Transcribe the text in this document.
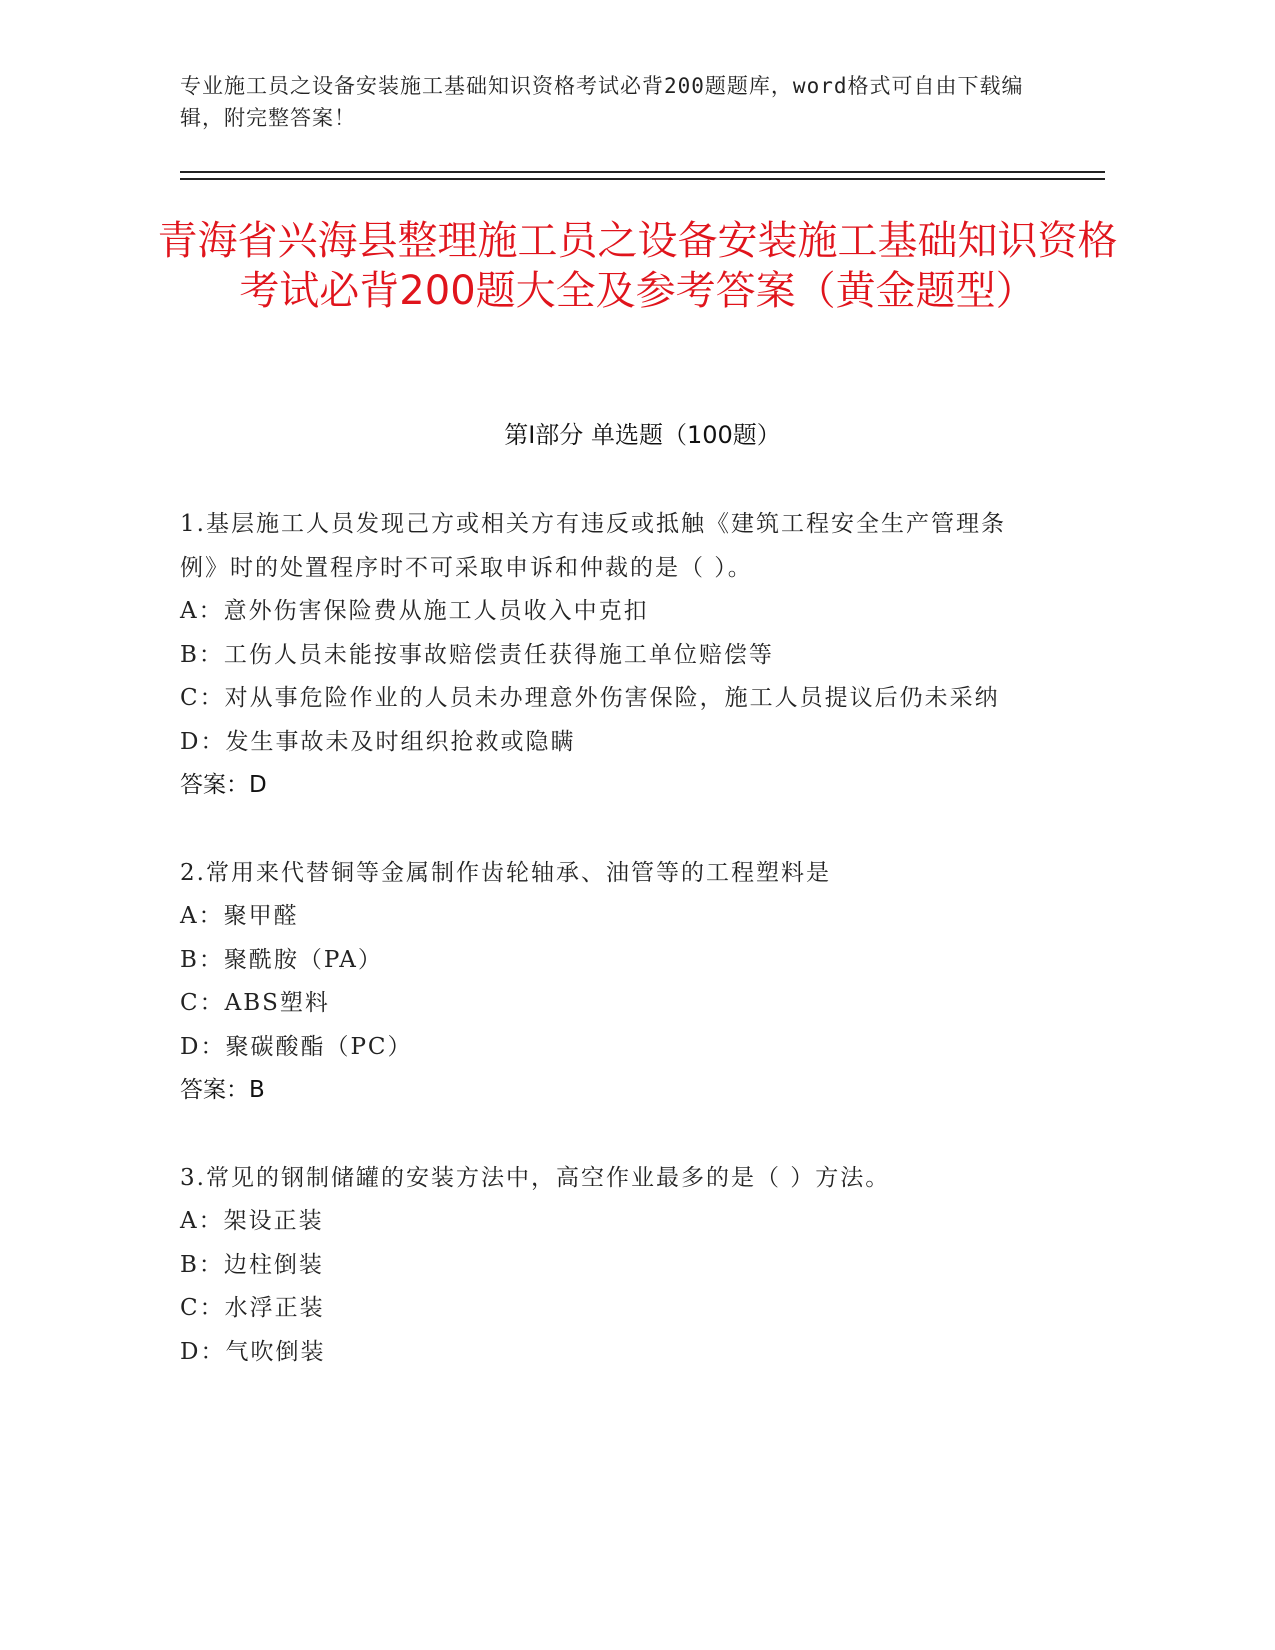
专业施工员之设备安装施工基础知识资格考试必背200题题库，word格式可自由下载编辑，附完整答案！
青海省兴海县整理施工员之设备安装施工基础知识资格考试必背200题大全及参考答案（黄金题型）
第Ⅰ部分 单选题（100题）
1.基层施工人员发现己方或相关方有违反或抵触《建筑工程安全生产管理条例》时的处置程序时不可采取申诉和仲裁的是（ ）。
A：意外伤害保险费从施工人员收入中克扣
B：工伤人员未能按事故赔偿责任获得施工单位赔偿等
C：对从事危险作业的人员未办理意外伤害保险，施工人员提议后仍未采纳
D：发生事故未及时组织抢救或隐瞒
答案：D
2.常用来代替铜等金属制作齿轮轴承、油管等的工程塑料是
A：聚甲醛
B：聚酰胺（PA）
C：ABS塑料
D：聚碳酸酯（PC）
答案：B
3.常见的钢制储罐的安装方法中，高空作业最多的是（ ）方法。
A：架设正装
B：边柱倒装
C：水浮正装
D：气吹倒装
